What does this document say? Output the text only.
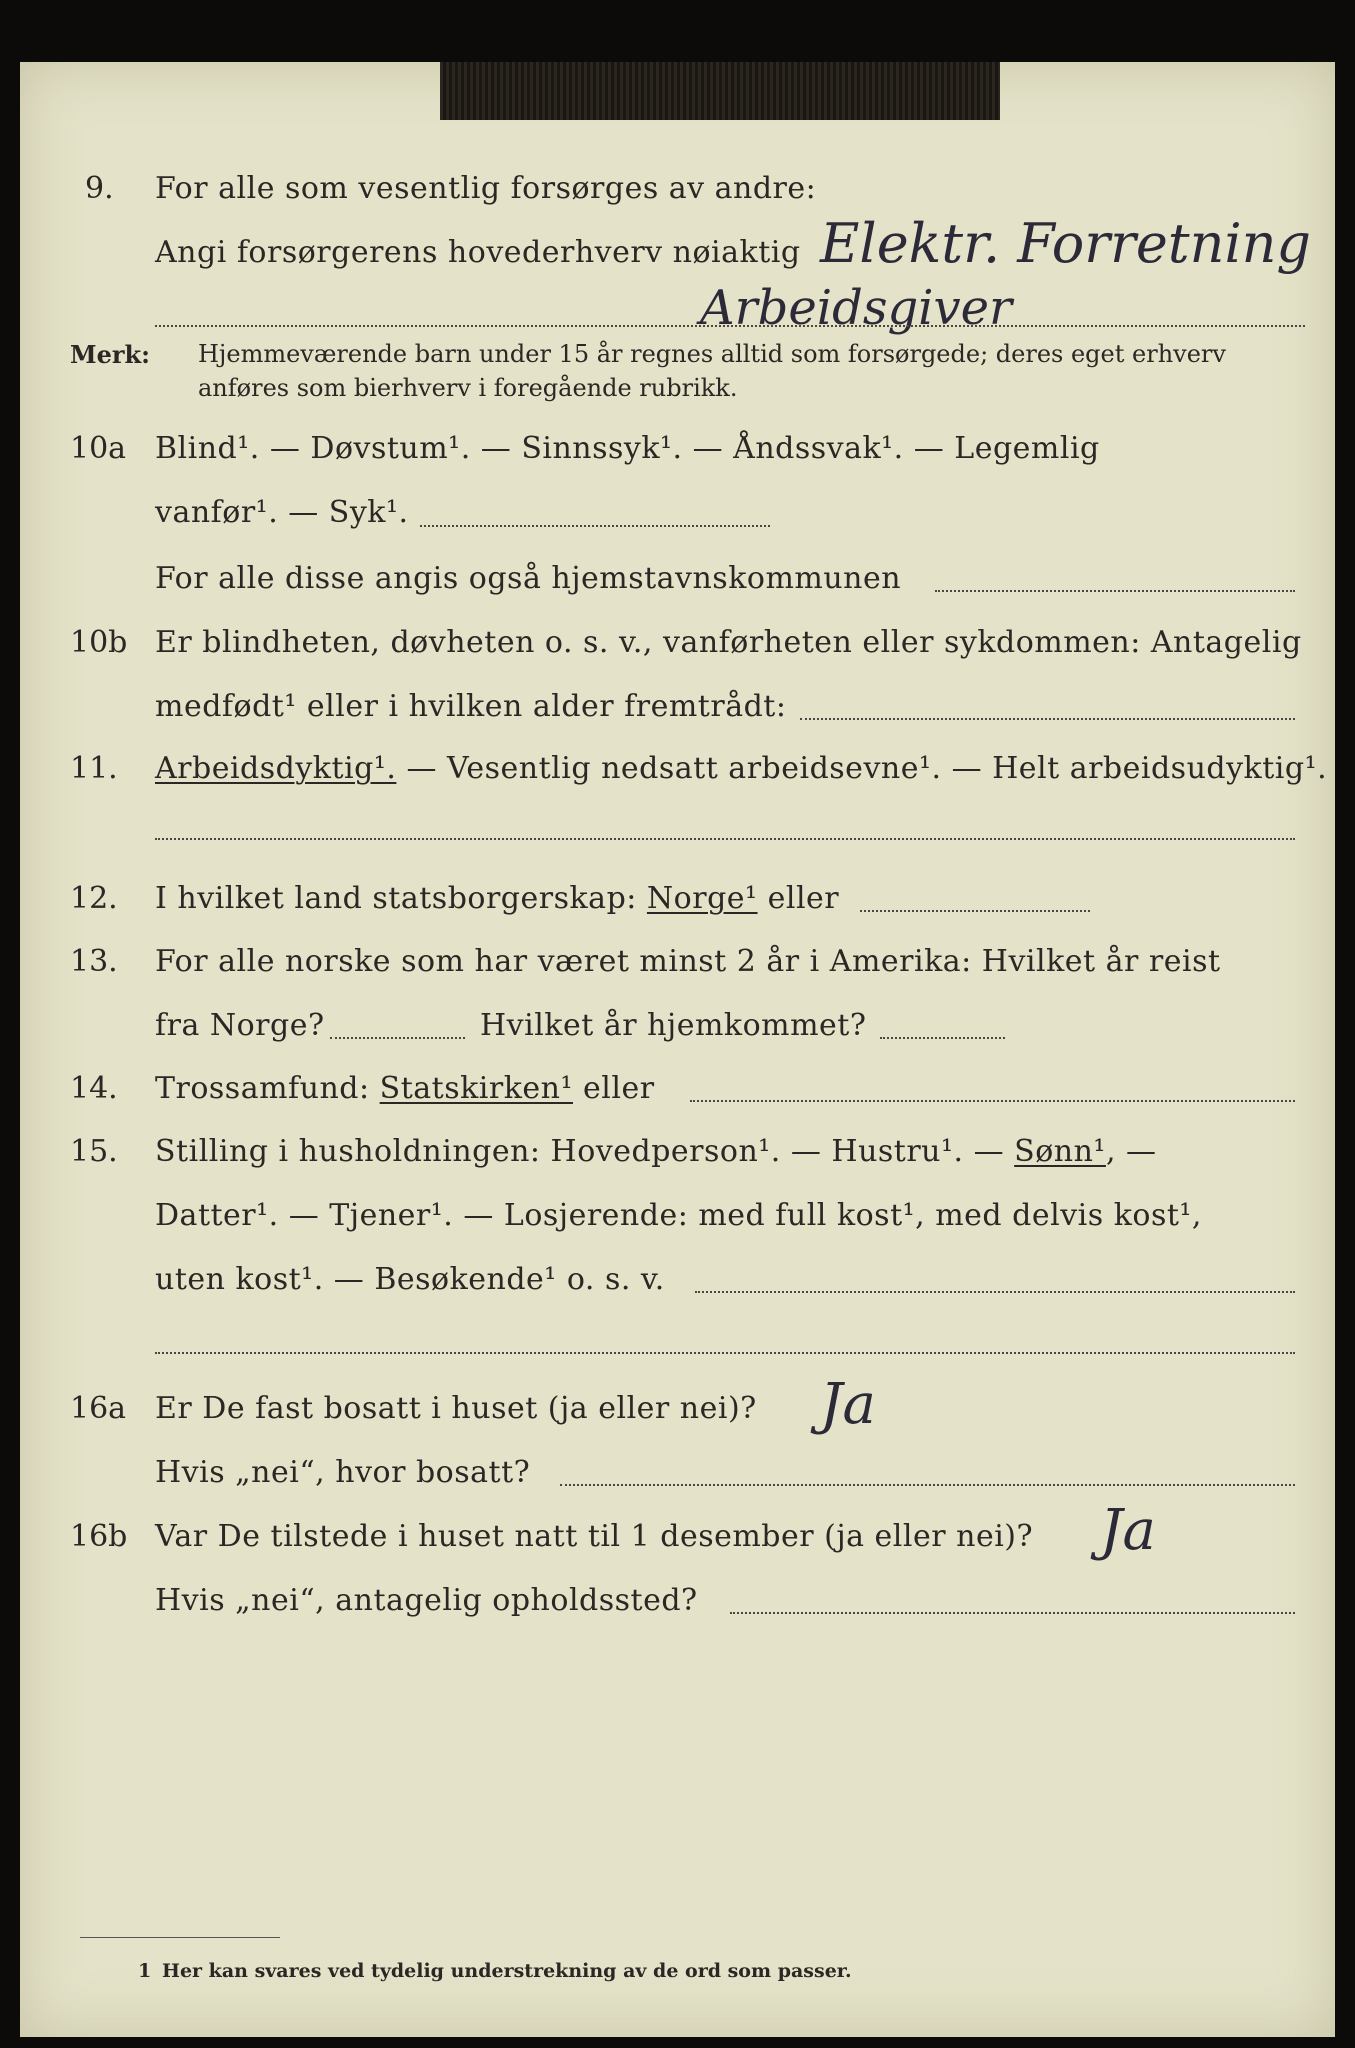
9. For alle som vesentlig forsørges av andre:
Angi forsørgerens hovederhverv nøiaktig Elektr. Forretning
Arbeidsgiver
Merk: Hjemmeværende barn under 15 år regnes alltid som forsørgede; deres eget erhverv
anføres som bierhverv i foregående rubrikk.
10a Blind¹. — Døvstum¹. — Sinnssyk¹. — Åndssvak¹. — Legemlig
vanfør¹. — Syk¹.
For alle disse angis også hjemstavnskommunen
10b Er blindheten, døvheten o. s. v., vanførheten eller sykdommen: Antagelig
medfødt¹ eller i hvilken alder fremtrådt:
11. Arbeidsdyktig¹. — Vesentlig nedsatt arbeidsevne¹. — Helt arbeidsudyktig¹.
12. I hvilket land statsborgerskap: Norge¹ eller
13. For alle norske som har været minst 2 år i Amerika: Hvilket år reist
fra Norge?	Hvilket år hjemkommet?
14. Trossamfund: Statskirken¹ eller
15. Stilling i husholdningen: Hovedperson¹. — Hustru¹. — Sønn¹, —
Datter¹. — Tjener¹. — Losjerende: med full kost¹, med delvis kost¹,
uten kost¹. — Besøkende¹ o. s. v.
16a Er De fast bosatt i huset (ja eller nei)? Ja
Hvis „nei“, hvor bosatt?
16b Var De tilstede i huset natt til 1 desember (ja eller nei)? Ja
Hvis „nei“, antagelig opholdssted?
1 Her kan svares ved tydelig understrekning av de ord som passer.
